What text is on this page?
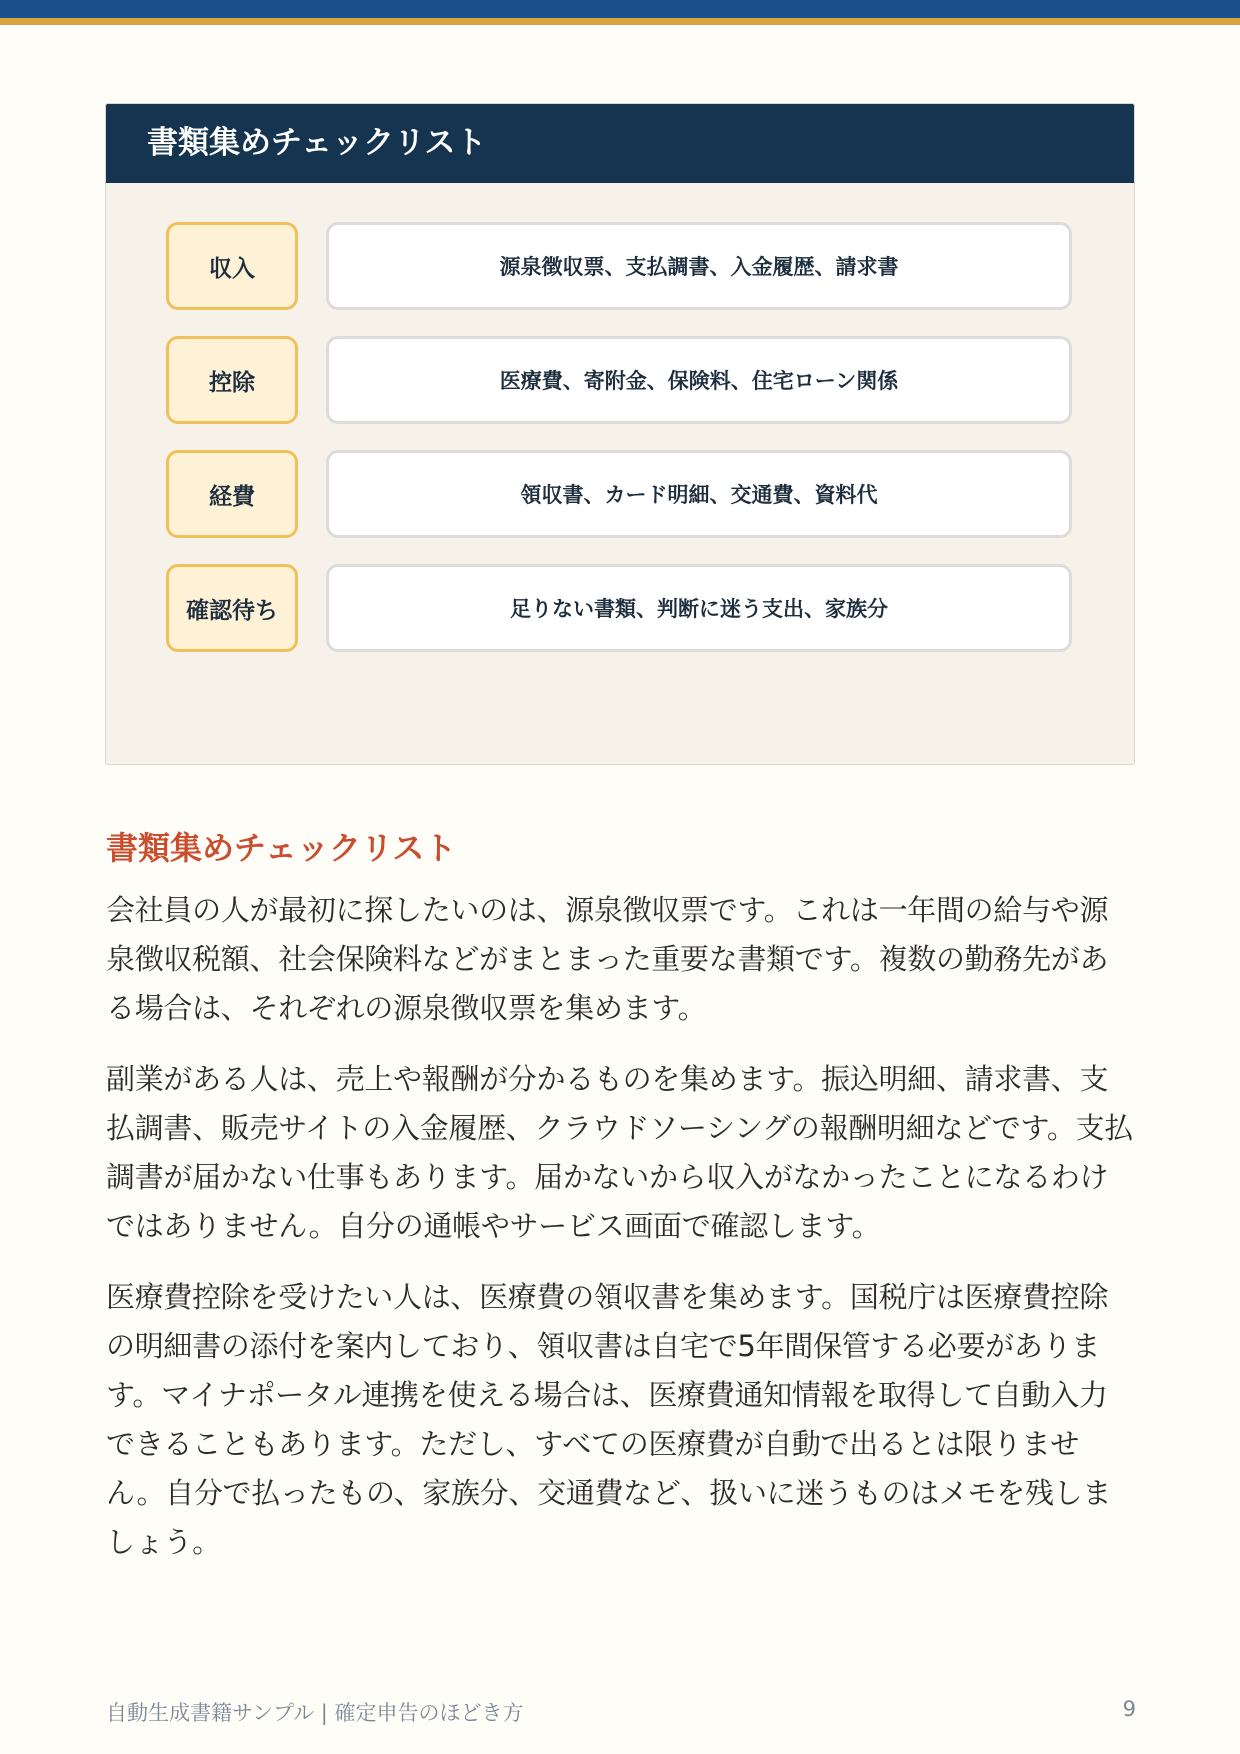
書類集めチェックリスト
収入	源泉徴収票、支払調書、入金履歴、請求書
控除	医療費、寄附金、保険料、住宅ローン関係
経費	領収書、カード明細、交通費、資料代
確認待ち	足りない書類、判断に迷う支出、家族分
書類集めチェックリスト

会社員の人が最初に探したいのは、源泉徴収票です。これは一年間の給与や源泉徴収税額、社会保険料などがまとまった重要な書類です。複数の勤務先がある場合は、それぞれの源泉徴収票を集めます。

副業がある人は、売上や報酬が分かるものを集めます。振込明細、請求書、支払調書、販売サイトの入金履歴、クラウドソーシングの報酬明細などです。支払調書が届かない仕事もあります。届かないから収入がなかったことになるわけではありません。自分の通帳やサービス画面で確認します。

医療費控除を受けたい人は、医療費の領収書を集めます。国税庁は医療費控除の明細書の添付を案内しており、領収書は自宅で5年間保管する必要があります。マイナポータル連携を使える場合は、医療費通知情報を取得して自動入力できることもあります。ただし、すべての医療費が自動で出るとは限りません。自分で払ったもの、家族分、交通費など、扱いに迷うものはメモを残しましょう。

自動生成書籍サンプル | 確定申告のほどき方	9
